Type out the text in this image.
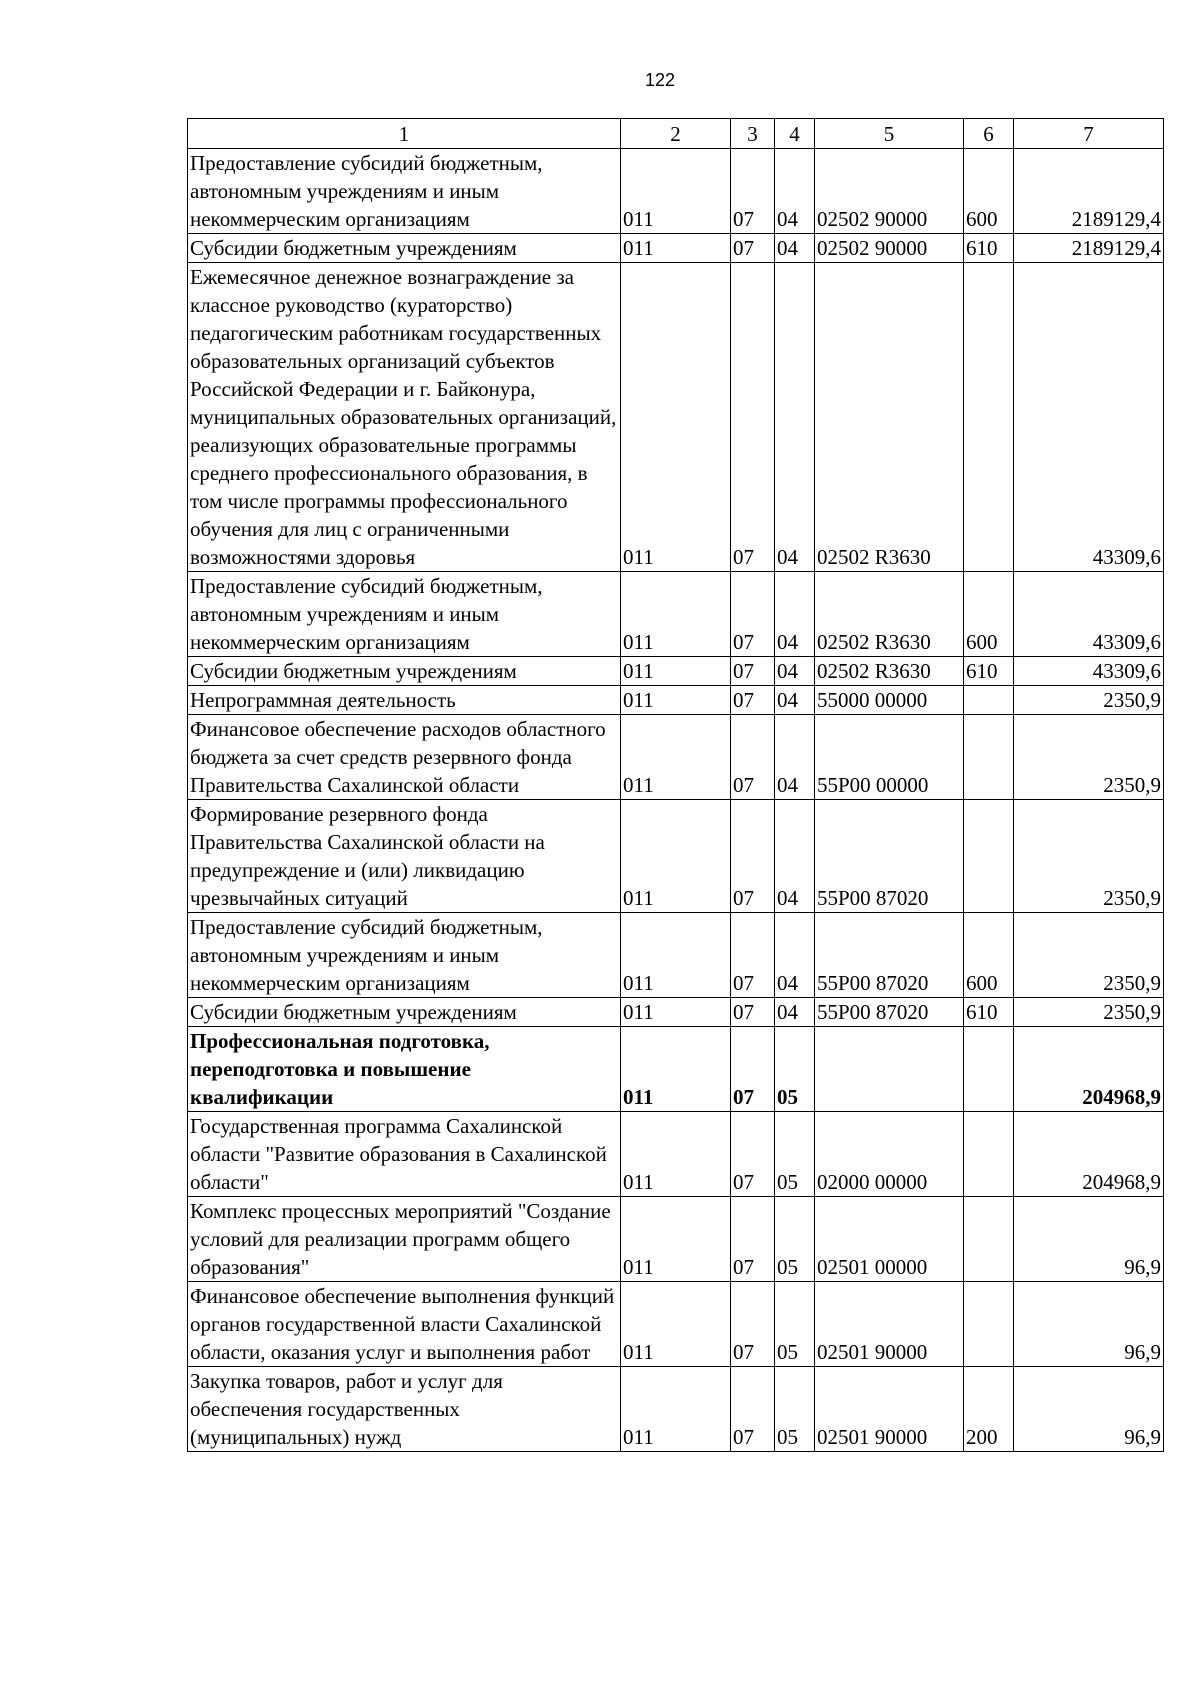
122
1	2	3	4	5	6	7
Предоставление субсидий бюджетным, автономным учреждениям и иным некоммерческим организациям	011	07	04	02502 90000	600	2189129,4
Субсидии бюджетным учреждениям	011	07	04	02502 90000	610	2189129,4
Ежемесячное денежное вознаграждение за классное руководство (кураторство) педагогическим работникам государственных образовательных организаций субъектов Российской Федерации и г. Байконура, муниципальных образовательных организаций, реализующих образовательные программы среднего профессионального образования, в том числе программы профессионального обучения для лиц с ограниченными возможностями здоровья	011	07	04	02502 R3630		43309,6
Предоставление субсидий бюджетным, автономным учреждениям и иным некоммерческим организациям	011	07	04	02502 R3630	600	43309,6
Субсидии бюджетным учреждениям	011	07	04	02502 R3630	610	43309,6
Непрограммная деятельность	011	07	04	55000 00000		2350,9
Финансовое обеспечение расходов областного бюджета за счет средств резервного фонда Правительства Сахалинской области	011	07	04	55Р00 00000		2350,9
Формирование резервного фонда Правительства Сахалинской области на предупреждение и (или) ликвидацию чрезвычайных ситуаций	011	07	04	55Р00 87020		2350,9
Предоставление субсидий бюджетным, автономным учреждениям и иным некоммерческим организациям	011	07	04	55Р00 87020	600	2350,9
Субсидии бюджетным учреждениям	011	07	04	55Р00 87020	610	2350,9
Профессиональная подготовка, переподготовка и повышение квалификации	011	07	05			204968,9
Государственная программа Сахалинской области "Развитие образования в Сахалинской области"	011	07	05	02000 00000		204968,9
Комплекс процессных мероприятий "Создание условий для реализации программ общего образования"	011	07	05	02501 00000		96,9
Финансовое обеспечение выполнения функций органов государственной власти Сахалинской области, оказания услуг и выполнения работ	011	07	05	02501 90000		96,9
Закупка товаров, работ и услуг для обеспечения государственных (муниципальных) нужд	011	07	05	02501 90000	200	96,9
